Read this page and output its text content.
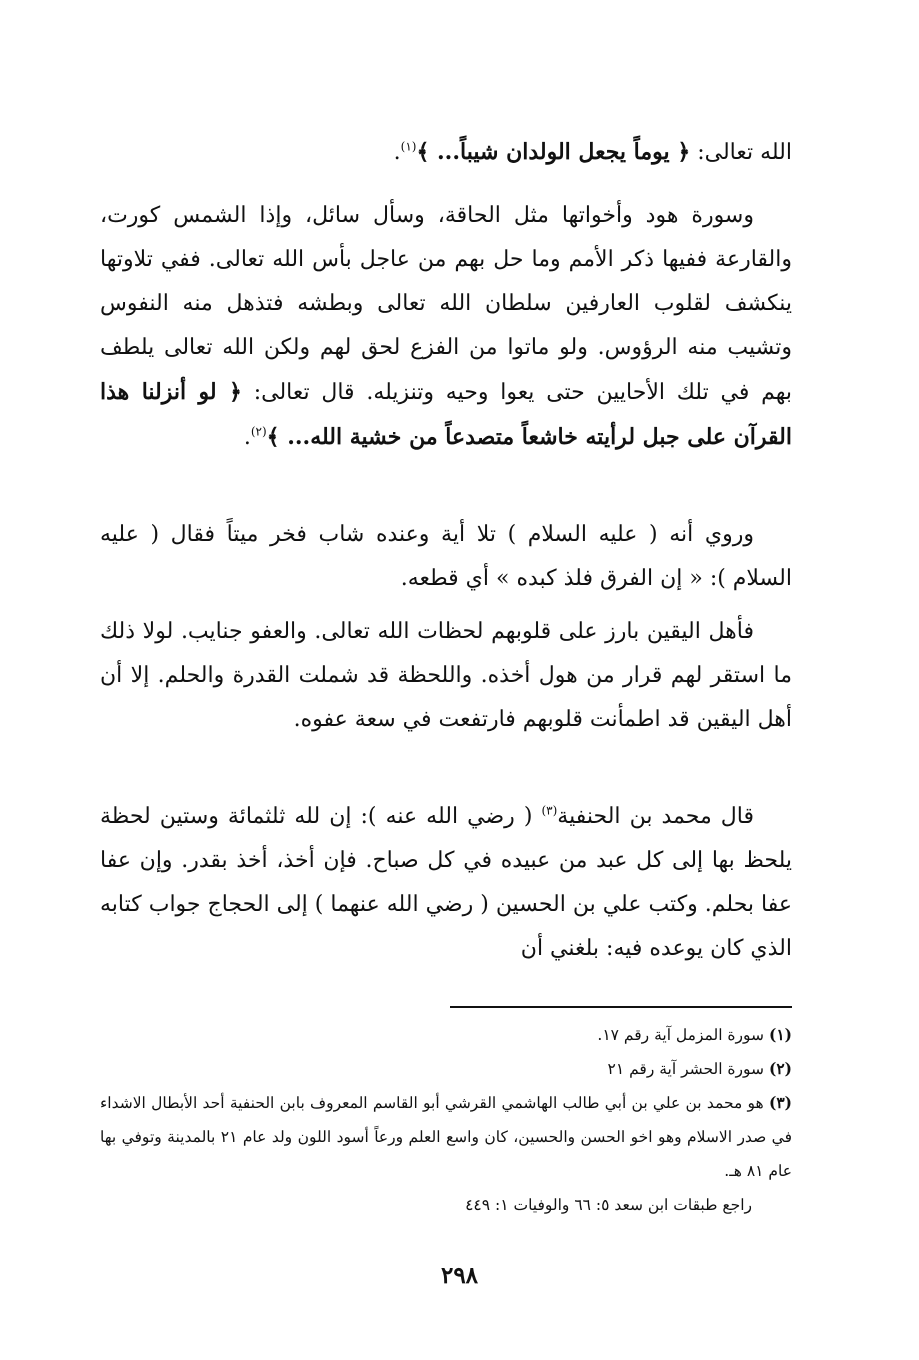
الله تعالى: ﴿ يوماً يجعل الولدان شيباً... ﴾$^{(١)}$.

وسورة هود وأخواتها مثل الحاقة، وسأل سائل، وإذا الشمس كورت، والقارعة ففيها ذكر الأمم وما حل بهم من عاجل بأس الله تعالى. ففي تلاوتها ينكشف لقلوب العارفين سلطان الله تعالى وبطشه فتذهل منه النفوس وتشيب منه الرؤوس. ولو ماتوا من الفزع لحق لهم ولكن الله تعالى يلطف بهم في تلك الأحايين حتى يعوا وحيه وتنزيله. قال تعالى: ﴿ لو أنزلنا هذا القرآن على جبل لرأيته خاشعاً متصدعاً من خشية الله... ﴾$^{(٢)}$.

وروي أنه ( عليه السلام ) تلا أية وعنده شاب فخر ميتاً فقال ( عليه السلام ): « إن الفرق فلذ كبده » أي قطعه.

فأهل اليقين بارز على قلوبهم لحظات الله تعالى. والعفو جنايب. لولا ذلك ما استقر لهم قرار من هول أخذه. واللحظة قد شملت القدرة والحلم. إلا أن أهل اليقين قد اطمأنت قلوبهم فارتفعت في سعة عفوه.

قال محمد بن الحنفية$^{(٣)}$ ( رضي الله عنه ): إن لله ثلثمائة وستين لحظة يلحظ بها إلى كل عبد من عبيده في كل صباح. فإن أخذ، أخذ بقدر. وإن عفا عفا بحلم. وكتب علي بن الحسين ( رضي الله عنهما ) إلى الحجاج جواب كتابه الذي كان يوعده فيه: بلغني أن

(١) سورة المزمل آية رقم ١٧.

(٢) سورة الحشر آية رقم ٢١

(٣) هو محمد بن علي بن أبي طالب الهاشمي القرشي أبو القاسم المعروف بابن الحنفية أحد الأبطال الاشداء في صدر الاسلام وهو اخو الحسن والحسين، كان واسع العلم ورعاً أسود اللون ولد عام ٢١ بالمدينة وتوفي بها عام ٨١ هـ.

راجع طبقات ابن سعد ٥: ٦٦ والوفيات ١: ٤٤٩

٢٩٨
